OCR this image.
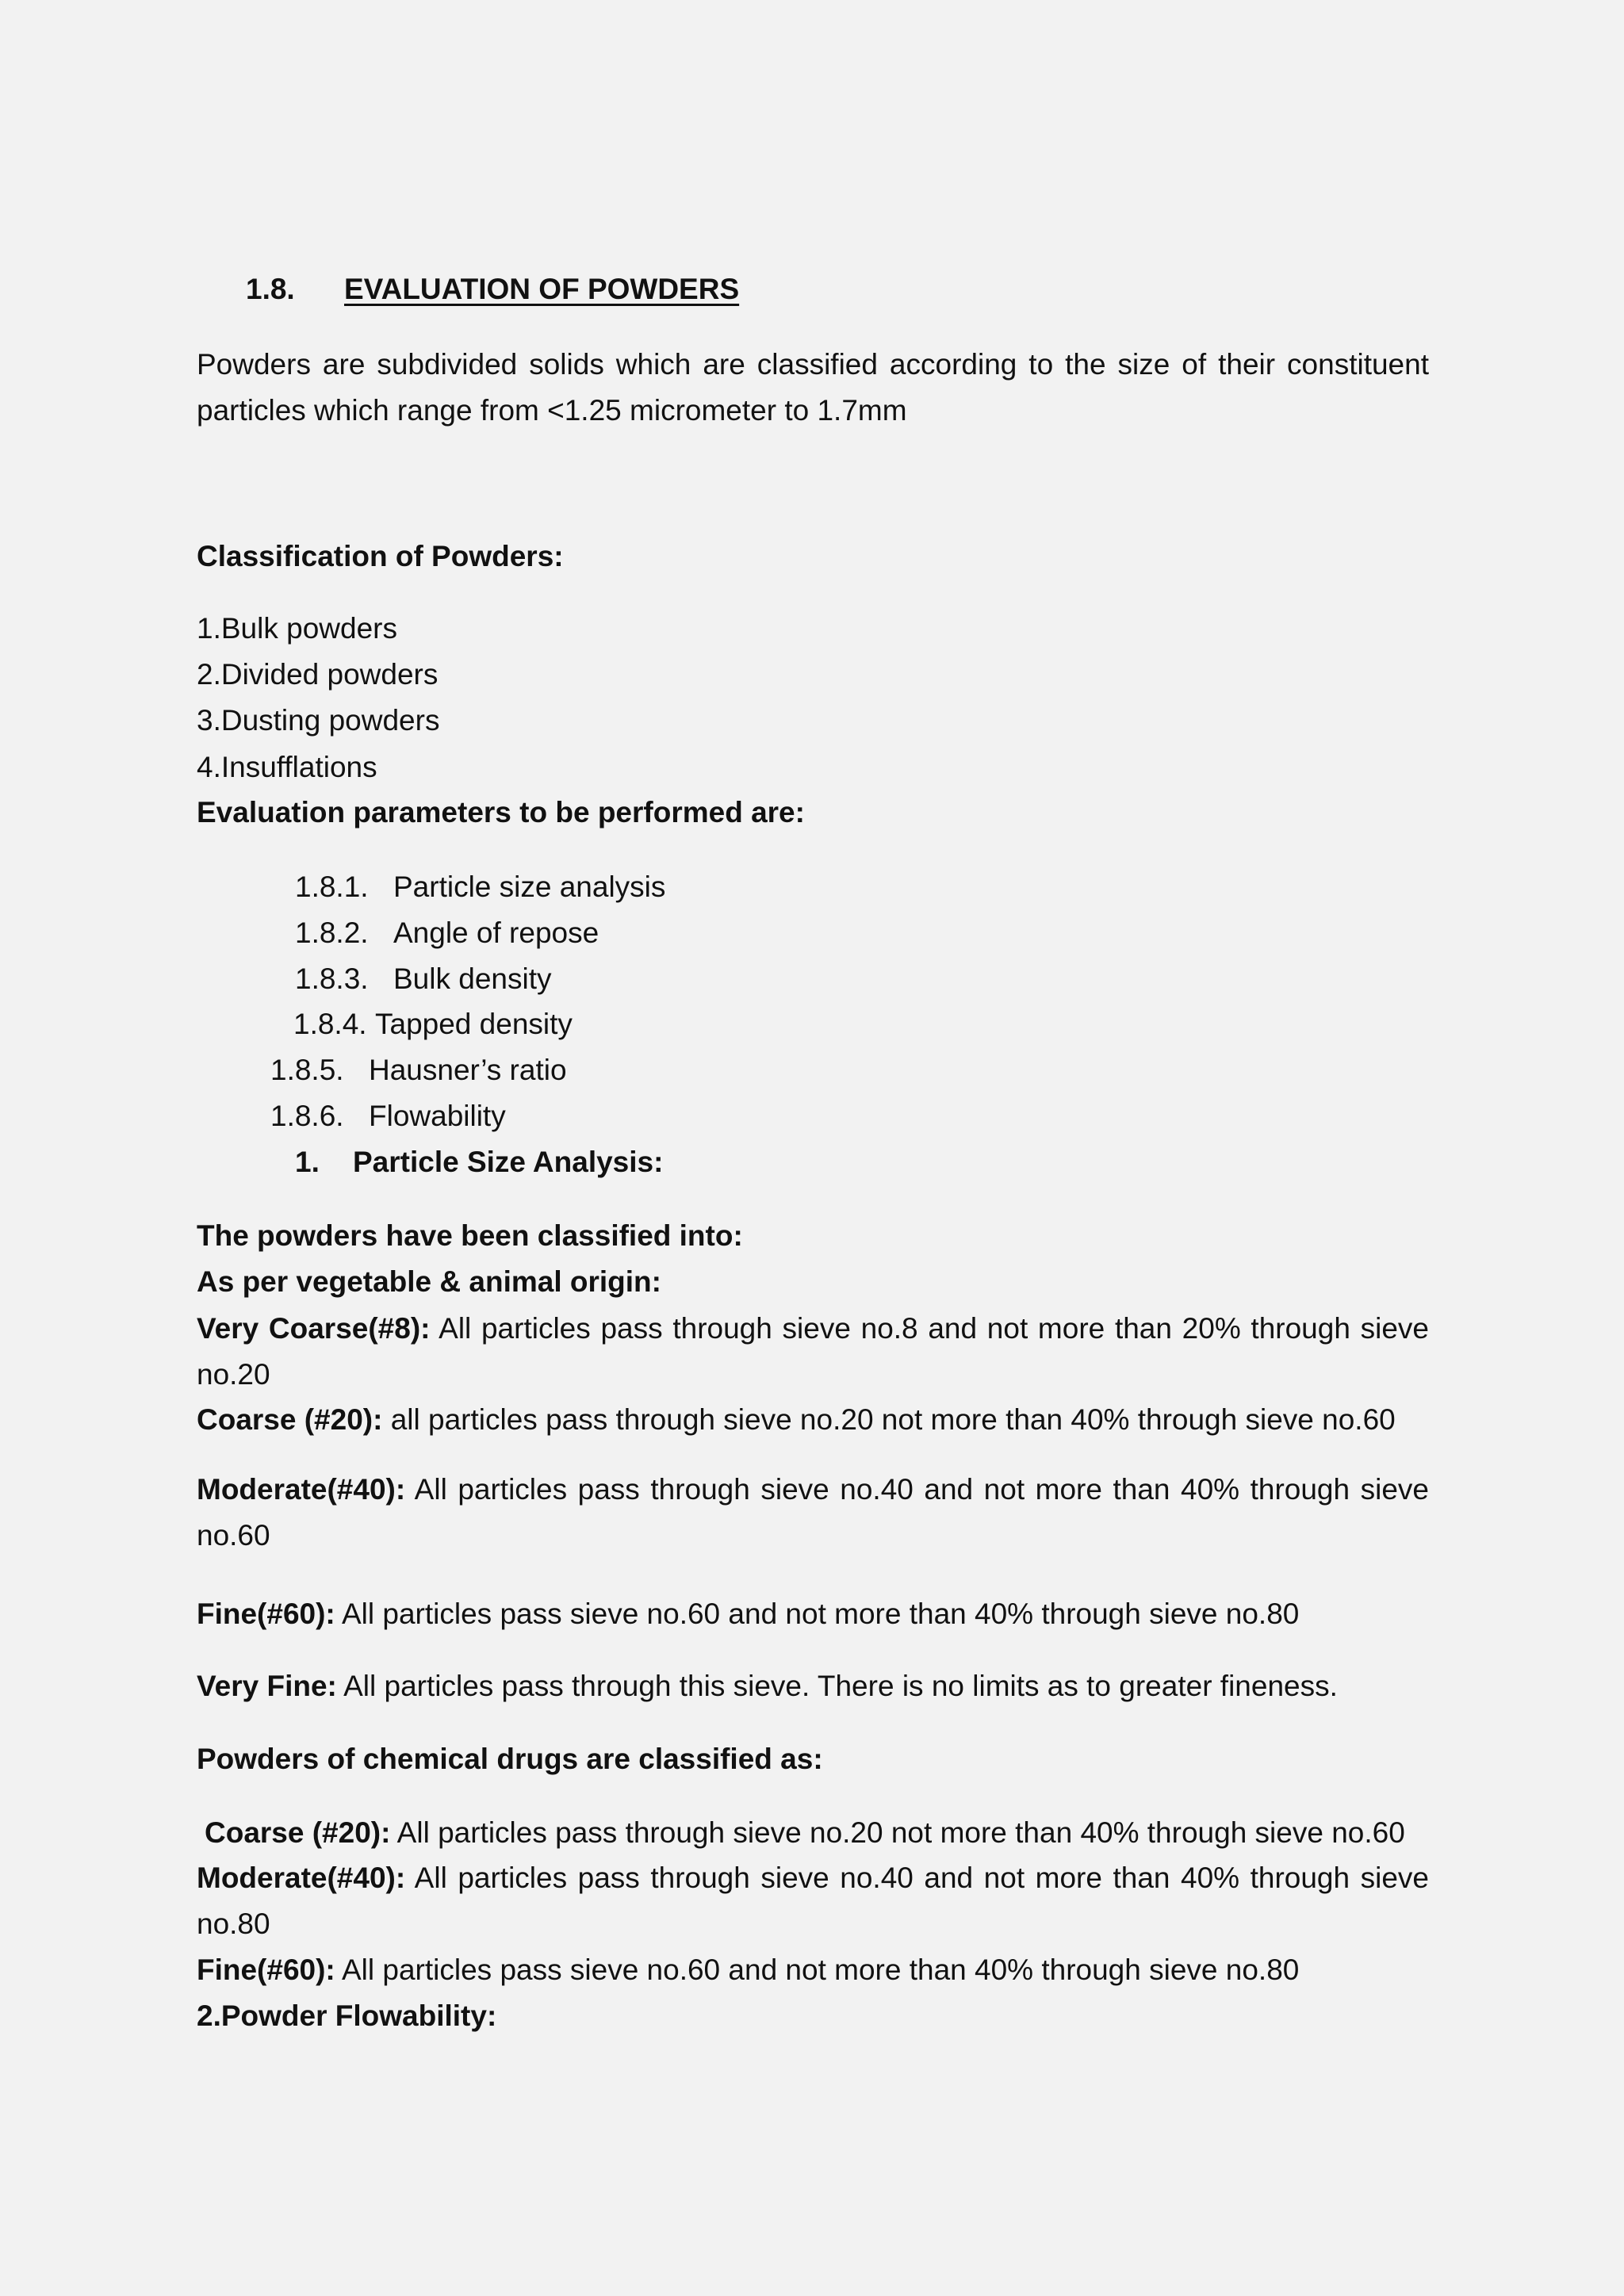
1.8. EVALUATION OF POWDERS
Powders are subdivided solids which are classified according to the size of their constituent particles which range from <1.25 micrometer to 1.7mm
Classification of Powders:
1.Bulk powders
2.Divided powders
3.Dusting powders
4.Insufflations
Evaluation parameters to be performed are:
1.8.1. Particle size analysis
1.8.2. Angle of repose
1.8.3. Bulk density
1.8.4. Tapped density
1.8.5. Hausner’s ratio
1.8.6. Flowability
1. Particle Size Analysis:
The powders have been classified into:
As per vegetable & animal origin:
Very Coarse(#8): All particles pass through sieve no.8 and not more than 20% through sieve no.20
Coarse (#20): all particles pass through sieve no.20 not more than 40% through sieve no.60
Moderate(#40): All particles pass through sieve no.40 and not more than 40% through sieve no.60
Fine(#60): All particles pass sieve no.60 and not more than 40% through sieve no.80
Very Fine: All particles pass through this sieve. There is no limits as to greater fineness.
Powders of chemical drugs are classified as:
Coarse (#20): All particles pass through sieve no.20 not more than 40% through sieve no.60
Moderate(#40): All particles pass through sieve no.40 and not more than 40% through sieve no.80
Fine(#60): All particles pass sieve no.60 and not more than 40% through sieve no.80
2.Powder Flowability:
